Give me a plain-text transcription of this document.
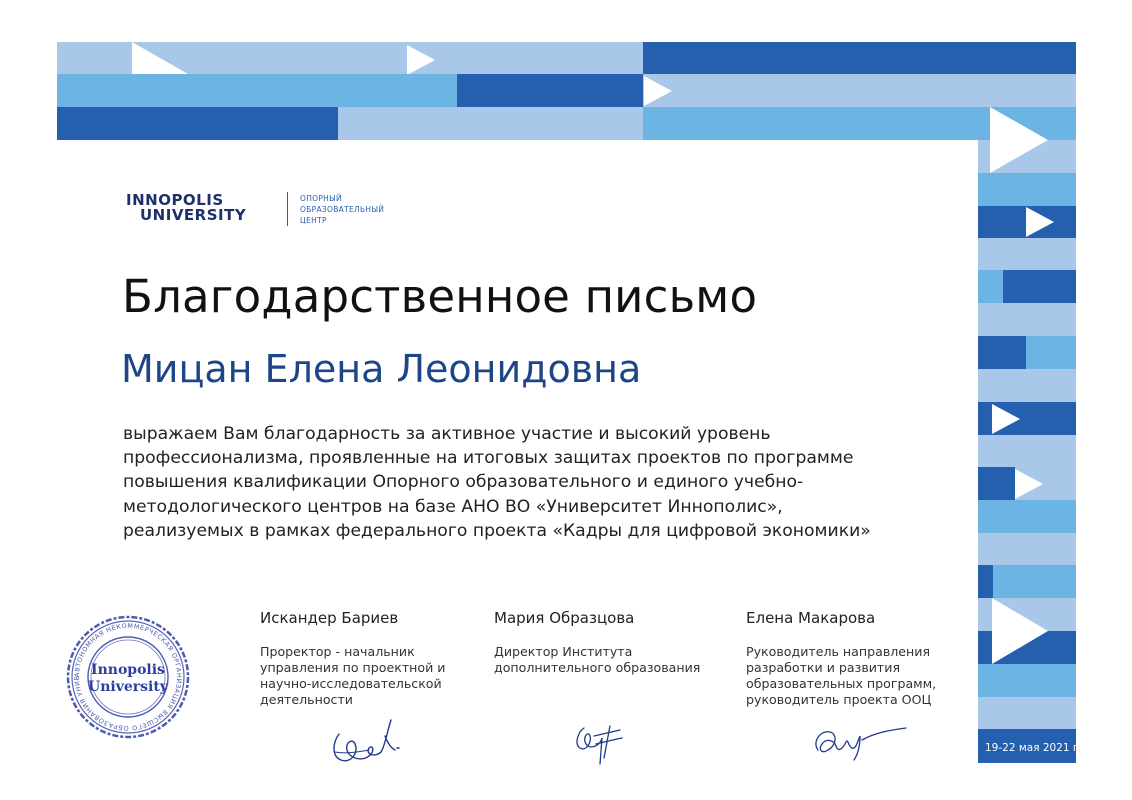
19-22 мая 2021 г.
INNOPOLIS
UNIVERSITY
ОПОРНЫЙ
ОБРАЗОВАТЕЛЬНЫЙ
ЦЕНТР
Благодарственное письмо
Мицан Елена Леонидовна
выражаем Вам благодарность за активное участие и высокий уровень
профессионализма, проявленные на итоговых защитах проектов по программе
повышения квалификации Опорного образовательного и единого учебно-
методологического центров на базе АНО ВО «Университет Иннополис»,
реализуемых в рамках федерального проекта «Кадры для цифровой экономики»
АВТОНОМНАЯ НЕКОММЕРЧЕСКАЯ ОРГАНИЗАЦИЯ ВЫСШЕГО ОБРАЗОВАНИЯ УНИВ Innopolis
University
Искандер Бариев
Проректор - начальник
управления по проектной и
научно-исследовательской
деятельности
Мария Образцова
Директор Института
дополнительного образования
Елена Макарова
Руководитель направления
разработки и развития
образовательных программ,
руководитель проекта ООЦ
